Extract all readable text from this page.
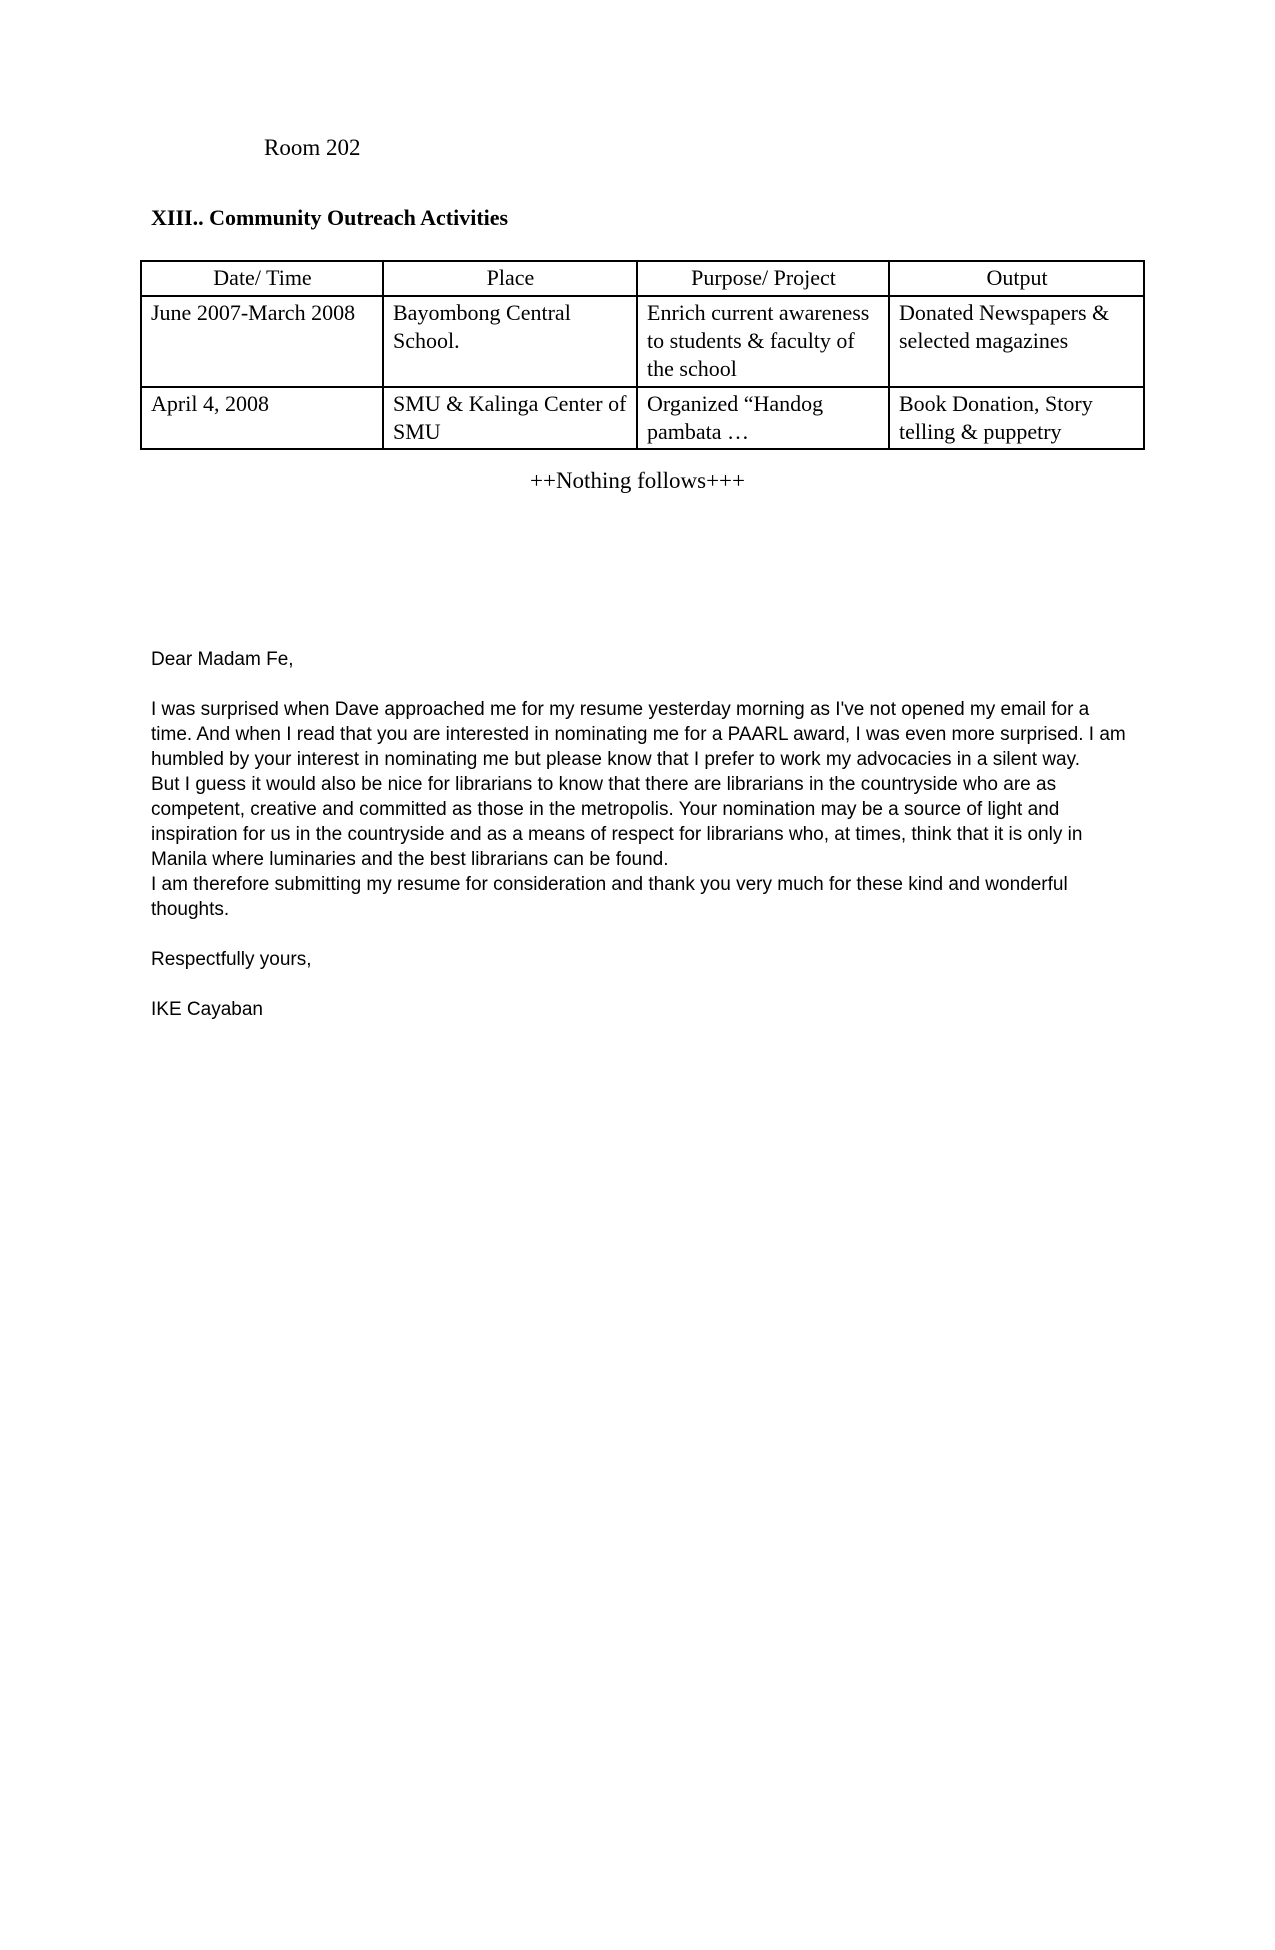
Room 202
XIII.. Community Outreach Activities
Date/ Time	Place	Purpose/ Project	Output
June 2007-March 2008	Bayombong Central School.	Enrich current awareness to students & faculty of the school	Donated Newspapers & selected magazines
April 4, 2008	SMU & Kalinga Center of SMU	Organized “Handog pambata …	Book Donation, Story telling & puppetry
++Nothing follows+++

Dear Madam Fe,

I was surprised when Dave approached me for my resume yesterday morning as I've not opened my email for a time. And when I read that you are interested in nominating me for a PAARL award, I was even more surprised. I am humbled by your interest in nominating me but please know that I prefer to work my advocacies in a silent way.

But I guess it would also be nice for librarians to know that there are librarians in the countryside who are as competent, creative and committed as those in the metropolis. Your nomination may be a source of light and inspiration for us in the countryside and as a means of respect for librarians who, at times, think that it is only in Manila where luminaries and the best librarians can be found.

I am therefore submitting my resume for consideration and thank you very much for these kind and wonderful thoughts.

Respectfully yours,

IKE Cayaban
